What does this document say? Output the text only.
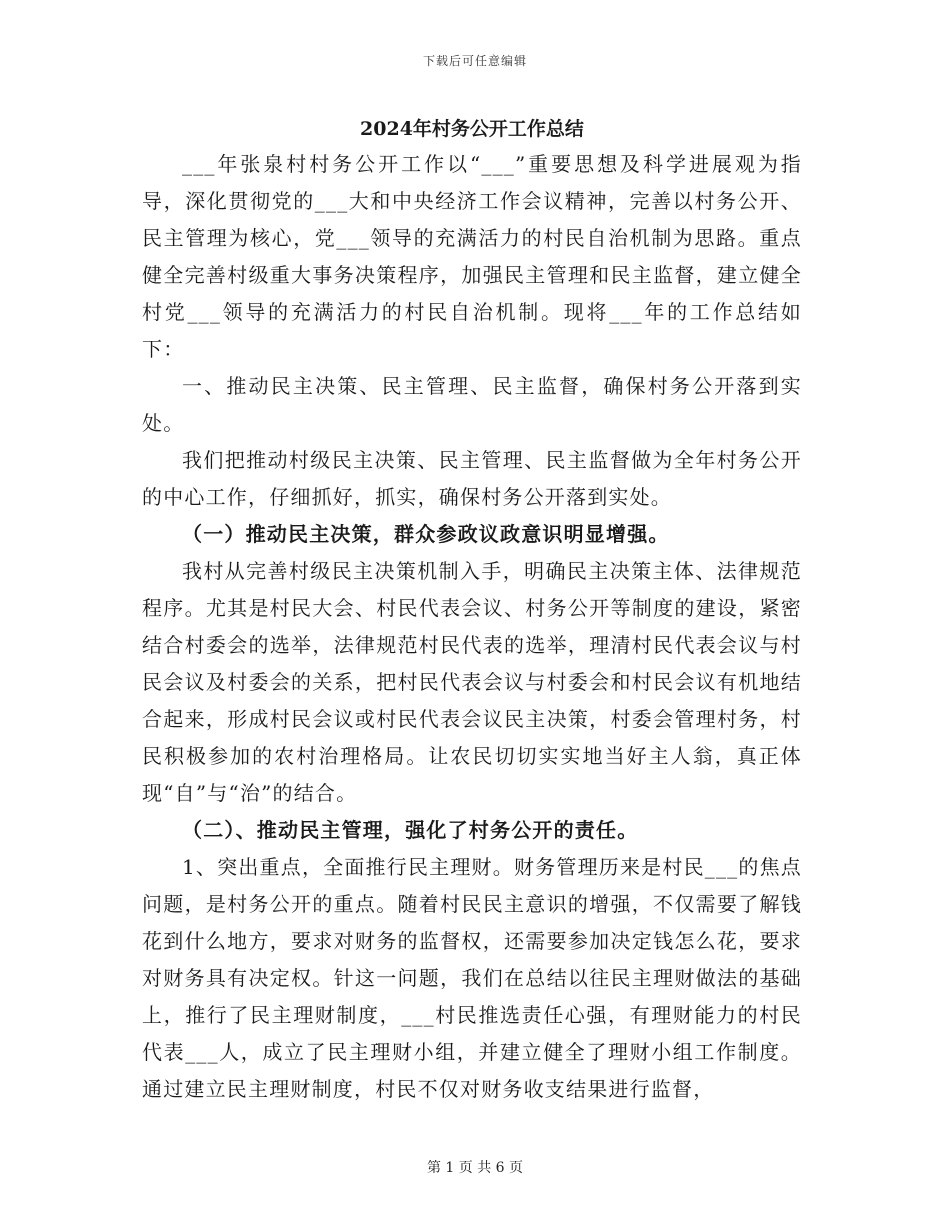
下载后可任意编辑

2024年村务公开工作总结

___年张泉村村务公开工作以“___”重要思想及科学进展观为指导，深化贯彻党的___大和中央经济工作会议精神，完善以村务公开、民主管理为核心，党___领导的充满活力的村民自治机制为思路。重点健全完善村级重大事务决策程序，加强民主管理和民主监督，建立健全村党___领导的充满活力的村民自治机制。现将___年的工作总结如下：

一、推动民主决策、民主管理、民主监督，确保村务公开落到实处。

我们把推动村级民主决策、民主管理、民主监督做为全年村务公开的中心工作，仔细抓好，抓实，确保村务公开落到实处。

（一）推动民主决策，群众参政议政意识明显增强。

我村从完善村级民主决策机制入手，明确民主决策主体、法律规范程序。尤其是村民大会、村民代表会议、村务公开等制度的建设，紧密结合村委会的选举，法律规范村民代表的选举，理清村民代表会议与村民会议及村委会的关系，把村民代表会议与村委会和村民会议有机地结合起来，形成村民会议或村民代表会议民主决策，村委会管理村务，村民积极参加的农村治理格局。让农民切切实实地当好主人翁，真正体现“自”与“治”的结合。

（二）、推动民主管理，强化了村务公开的责任。

1、突出重点，全面推行民主理财。财务管理历来是村民___的焦点问题，是村务公开的重点。随着村民民主意识的增强，不仅需要了解钱花到什么地方，要求对财务的监督权，还需要参加决定钱怎么花，要求对财务具有决定权。针这一问题，我们在总结以往民主理财做法的基础上，推行了民主理财制度，___村民推选责任心强，有理财能力的村民代表___人，成立了民主理财小组，并建立健全了理财小组工作制度。通过建立民主理财制度，村民不仅对财务收支结果进行监督，

第 1 页 共 6 页
